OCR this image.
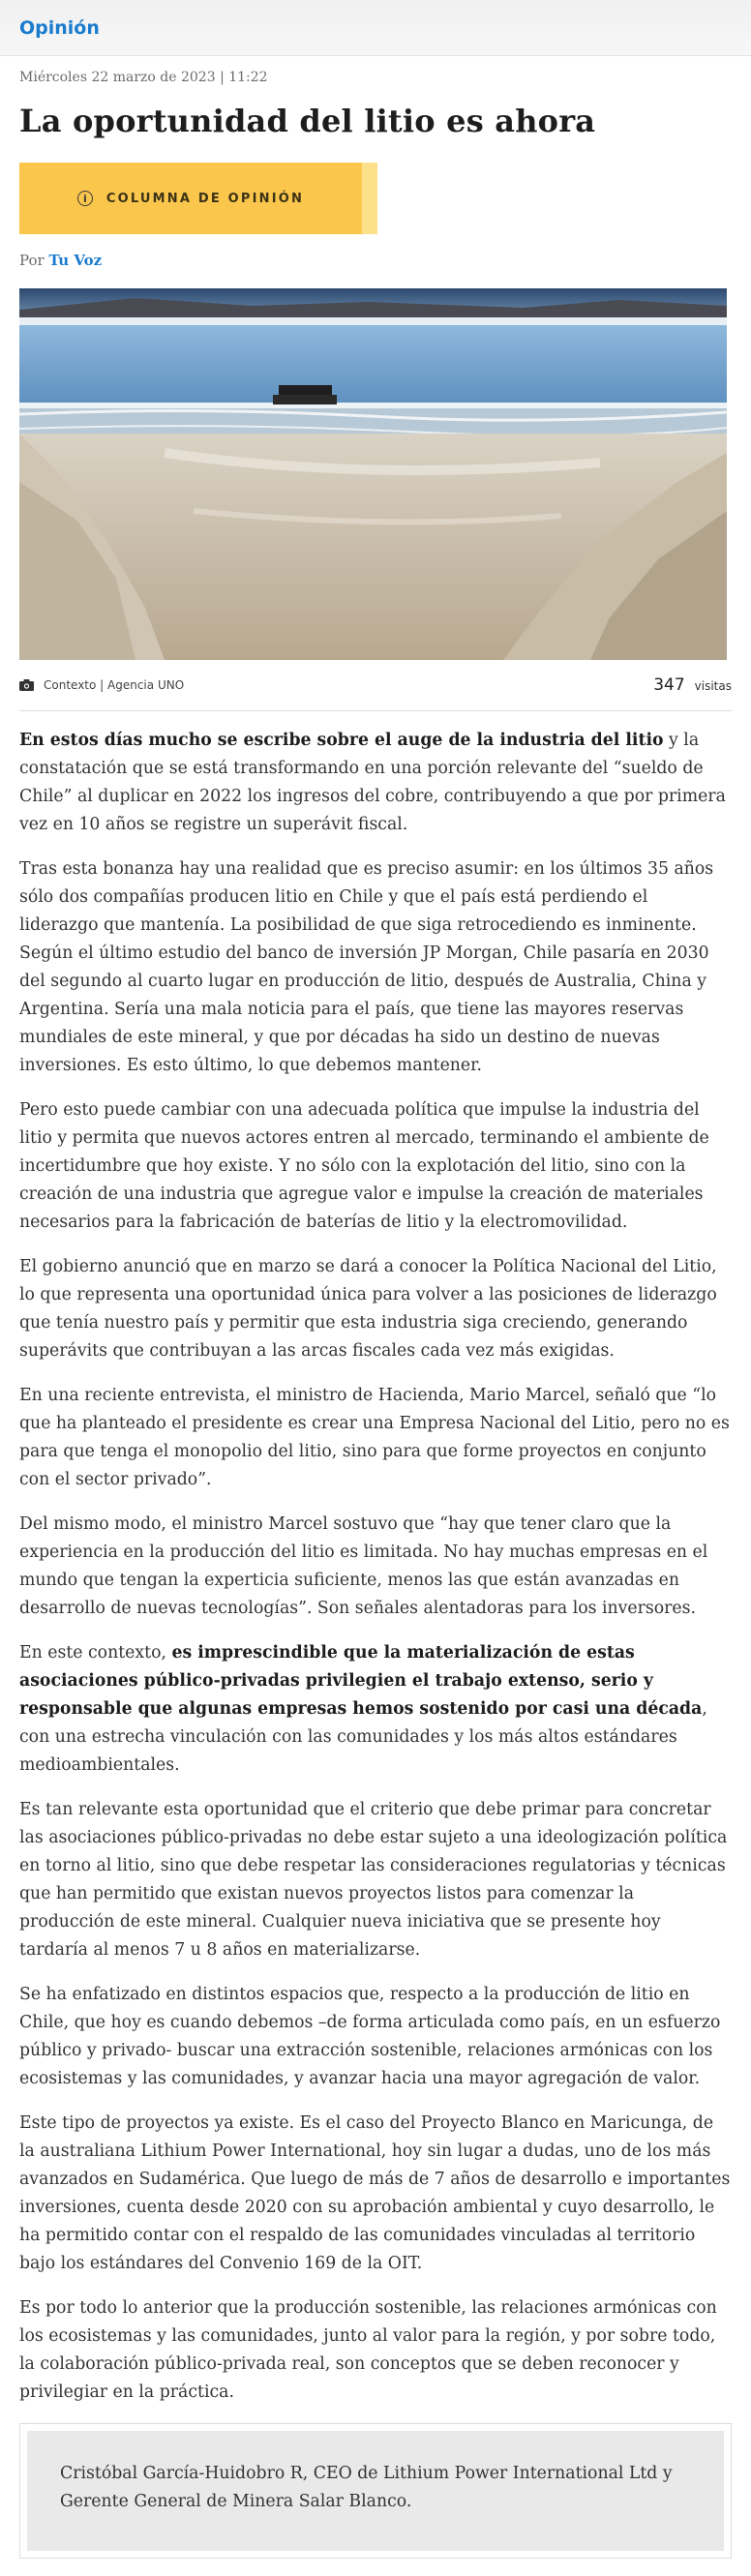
Opinión
Miércoles 22 marzo de 2023 | 11:22
La oportunidad del litio es ahora
i	COLUMNA DE OPINIÓN
Por Tu Voz
Contexto | Agencia UNO	347 visitas

En estos días mucho se escribe sobre el auge de la industria del litio y la constatación que se está transformando en una porción relevante del “sueldo de Chile” al duplicar en 2022 los ingresos del cobre, contribuyendo a que por primera vez en 10 años se registre un superávit fiscal.

Tras esta bonanza hay una realidad que es preciso asumir: en los últimos 35 años sólo dos compañías producen litio en Chile y que el país está perdiendo el liderazgo que mantenía. La posibilidad de que siga retrocediendo es inminente. Según el último estudio del banco de inversión JP Morgan, Chile pasaría en 2030 del segundo al cuarto lugar en producción de litio, después de Australia, China y Argentina. Sería una mala noticia para el país, que tiene las mayores reservas mundiales de este mineral, y que por décadas ha sido un destino de nuevas inversiones. Es esto último, lo que debemos mantener.

Pero esto puede cambiar con una adecuada política que impulse la industria del litio y permita que nuevos actores entren al mercado, terminando el ambiente de incertidumbre que hoy existe. Y no sólo con la explotación del litio, sino con la creación de una industria que agregue valor e impulse la creación de materiales necesarios para la fabricación de baterías de litio y la electromovilidad.

El gobierno anunció que en marzo se dará a conocer la Política Nacional del Litio, lo que representa una oportunidad única para volver a las posiciones de liderazgo que tenía nuestro país y permitir que esta industria siga creciendo, generando superávits que contribuyan a las arcas fiscales cada vez más exigidas.

En una reciente entrevista, el ministro de Hacienda, Mario Marcel, señaló que “lo que ha planteado el presidente es crear una Empresa Nacional del Litio, pero no es para que tenga el monopolio del litio, sino para que forme proyectos en conjunto con el sector privado”.

Del mismo modo, el ministro Marcel sostuvo que “hay que tener claro que la experiencia en la producción del litio es limitada. No hay muchas empresas en el mundo que tengan la experticia suficiente, menos las que están avanzadas en desarrollo de nuevas tecnologías”. Son señales alentadoras para los inversores.

En este contexto, es imprescindible que la materialización de estas asociaciones público-privadas privilegien el trabajo extenso, serio y responsable que algunas empresas hemos sostenido por casi una década, con una estrecha vinculación con las comunidades y los más altos estándares medioambientales.

Es tan relevante esta oportunidad que el criterio que debe primar para concretar las asociaciones público-privadas no debe estar sujeto a una ideologización política en torno al litio, sino que debe respetar las consideraciones regulatorias y técnicas que han permitido que existan nuevos proyectos listos para comenzar la producción de este mineral. Cualquier nueva iniciativa que se presente hoy tardaría al menos 7 u 8 años en materializarse.

Se ha enfatizado en distintos espacios que, respecto a la producción de litio en Chile, que hoy es cuando debemos –de forma articulada como país, en un esfuerzo público y privado- buscar una extracción sostenible, relaciones armónicas con los ecosistemas y las comunidades, y avanzar hacia una mayor agregación de valor.

Este tipo de proyectos ya existe. Es el caso del Proyecto Blanco en Maricunga, de la australiana Lithium Power International, hoy sin lugar a dudas, uno de los más avanzados en Sudamérica. Que luego de más de 7 años de desarrollo e importantes inversiones, cuenta desde 2020 con su aprobación ambiental y cuyo desarrollo, le ha permitido contar con el respaldo de las comunidades vinculadas al territorio bajo los estándares del Convenio 169 de la OIT.

Es por todo lo anterior que la producción sostenible, las relaciones armónicas con los ecosistemas y las comunidades, junto al valor para la región, y por sobre todo, la colaboración público-privada real, son conceptos que se deben reconocer y privilegiar en la práctica.

Cristóbal García-Huidobro R, CEO de Lithium Power International Ltd y Gerente General de Minera Salar Blanco.
